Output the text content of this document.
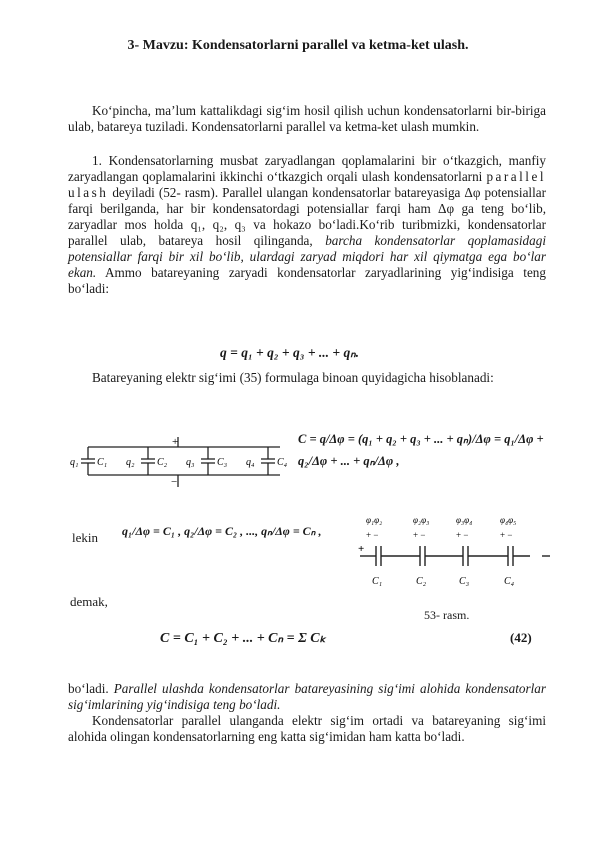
3- Mavzu: Kondensatorlarni parallel va ketma-ket ulash.

Ko‘pincha, ma’lum kattalikdagi sig‘im hosil qilish uchun kondensatorlarni bir-biriga ulab, batareya tuziladi. Kondensatorlarni parallel va ketma-ket ulash mumkin.

1. Kondensatorlarning musbat zaryadlangan qoplamalarini bir o‘tkazgich, manfiy zaryadlangan qoplamalarini ikkinchi o‘tkazgich orqali ulash kondensatorlarni parallel ulash deyiladi (52- rasm). Parallel ulangan kondensatorlar batareyasiga Δφ potensiallar farqi berilganda, har bir kondensatordagi potensiallar farqi ham Δφ ga teng bo‘lib, zaryadlar mos holda q₁, q₂, q₃ va hokazo bo‘ladi.Ko‘rib turibmizki, kondensatorlar parallel ulab, batareya hosil qilinganda, barcha kondensatorlar qoplamasidagi potensiallar farqi bir xil bo‘lib, ulardagi zaryad miqdori har xil qiymatga ega bo‘lar ekan. Ammo batareyaning zaryadi kondensatorlar zaryadlarining yig‘indisiga teng bo‘ladi:

q = q₁ + q₂ + q₃ + ... + qₙ.

Batareyaning elektr sig‘imi (35) formulaga binoan quyidagicha hisoblanadi:

+
−
q₁ C₁ q₂ C₂ q₃ C₃ q₄ C₄
C = q/Δφ = (q₁ + q₂ + q₃ + ... + qₙ)/Δφ = q₁/Δφ + q₂/Δφ + ... + qₙ/Δφ ,
lekin q₁/Δφ = C₁ , q₂/Δφ = C₂ , ..., qₙ/Δφ = Cₙ ,
φ₁φ₂	φ₂φ₃	φ₃φ₄	φ₄φ₅
+ −	+ −	+ −	+ −
+
C₁	C₂	C₃	C₄
demak,
53- rasm.
C = C₁ + C₂ + ... + Cₙ = Σ Cₖ	(42)

bo‘ladi. Parallel ulashda kondensatorlar batareyasining sig‘imi alohida kondensatorlar sig‘imlarining yig‘indisiga teng bo‘ladi.

Kondensatorlar parallel ulanganda elektr sig‘im ortadi va batareyaning sig‘imi alohida olingan kondensatorlarning eng katta sig‘imidan ham katta bo‘ladi.
